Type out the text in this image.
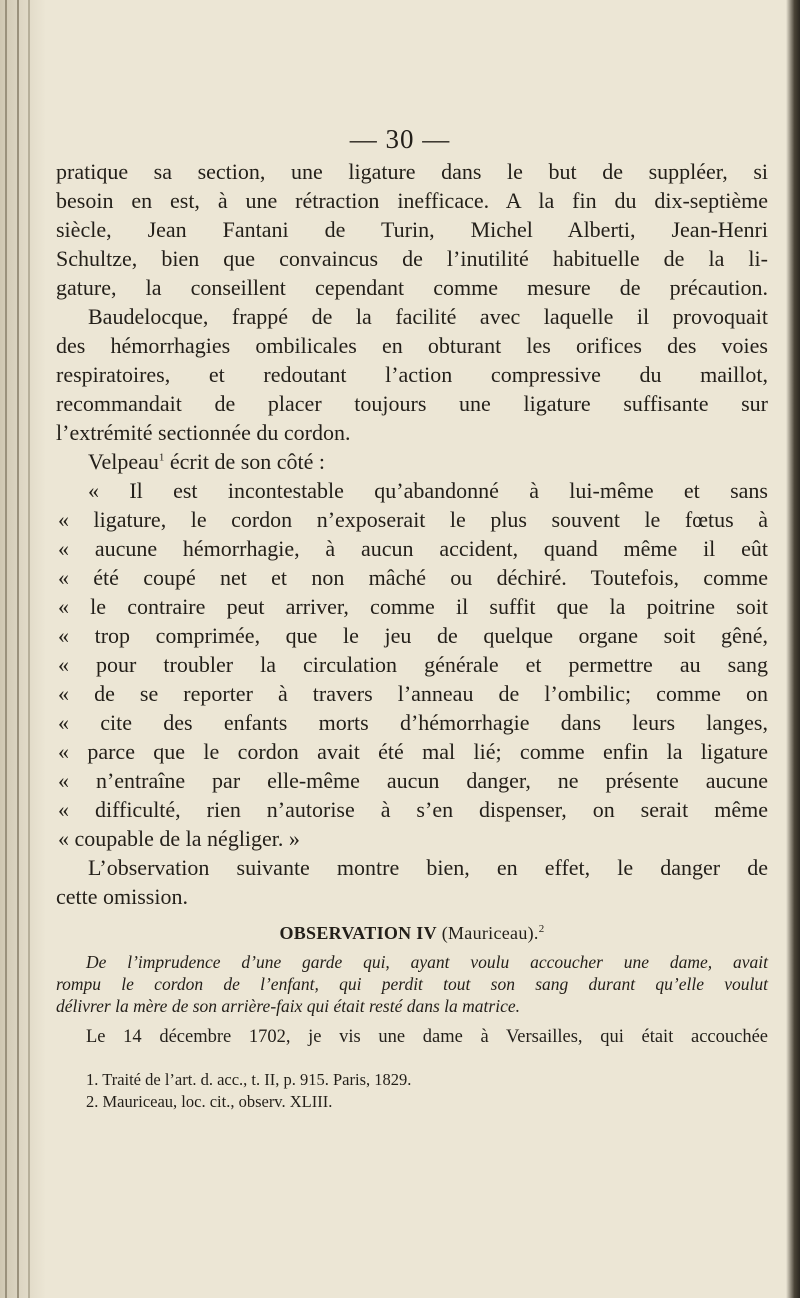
— 30 —

pratique sa section, une ligature dans le but de suppléer, si

besoin en est, à une rétraction inefficace. A la fin du dix-septième

siècle, Jean Fantani de Turin, Michel Alberti, Jean-Henri

Schultze, bien que convaincus de l’inutilité habituelle de la li-

gature, la conseillent cependant comme mesure de précaution.

Baudelocque, frappé de la facilité avec laquelle il provoquait

des hémorrhagies ombilicales en obturant les orifices des voies

respiratoires, et redoutant l’action compressive du maillot,

recommandait de placer toujours une ligature suffisante sur

l’extrémité sectionnée du cordon.

Velpeau$^1$ écrit de son côté :

« Il est incontestable qu’abandonné à lui-même et sans

« ligature, le cordon n’exposerait le plus souvent le fœtus à

« aucune hémorrhagie, à aucun accident, quand même il eût

« été coupé net et non mâché ou déchiré. Toutefois, comme

« le contraire peut arriver, comme il suffit que la poitrine soit

« trop comprimée, que le jeu de quelque organe soit gêné,

« pour troubler la circulation générale et permettre au sang

« de se reporter à travers l’anneau de l’ombilic; comme on

« cite des enfants morts d’hémorrhagie dans leurs langes,

« parce que le cordon avait été mal lié; comme enfin la ligature

« n’entraîne par elle-même aucun danger, ne présente aucune

« difficulté, rien n’autorise à s’en dispenser, on serait même

« coupable de la négliger. »

L’observation suivante montre bien, en effet, le danger de

cette omission.

OBSERVATION IV (Mauriceau).$^2$
De l’imprudence d’une garde qui, ayant voulu accoucher une dame, avait
rompu le cordon de l’enfant, qui perdit tout son sang durant qu’elle voulut
délivrer la mère de son arrière-faix qui était resté dans la matrice.

Le 14 décembre 1702, je vis une dame à Versailles, qui était accouchée

1. Traité de l’art. d. acc., t. II, p. 915. Paris, 1829.

2. Mauriceau, loc. cit., observ. XLIII.
